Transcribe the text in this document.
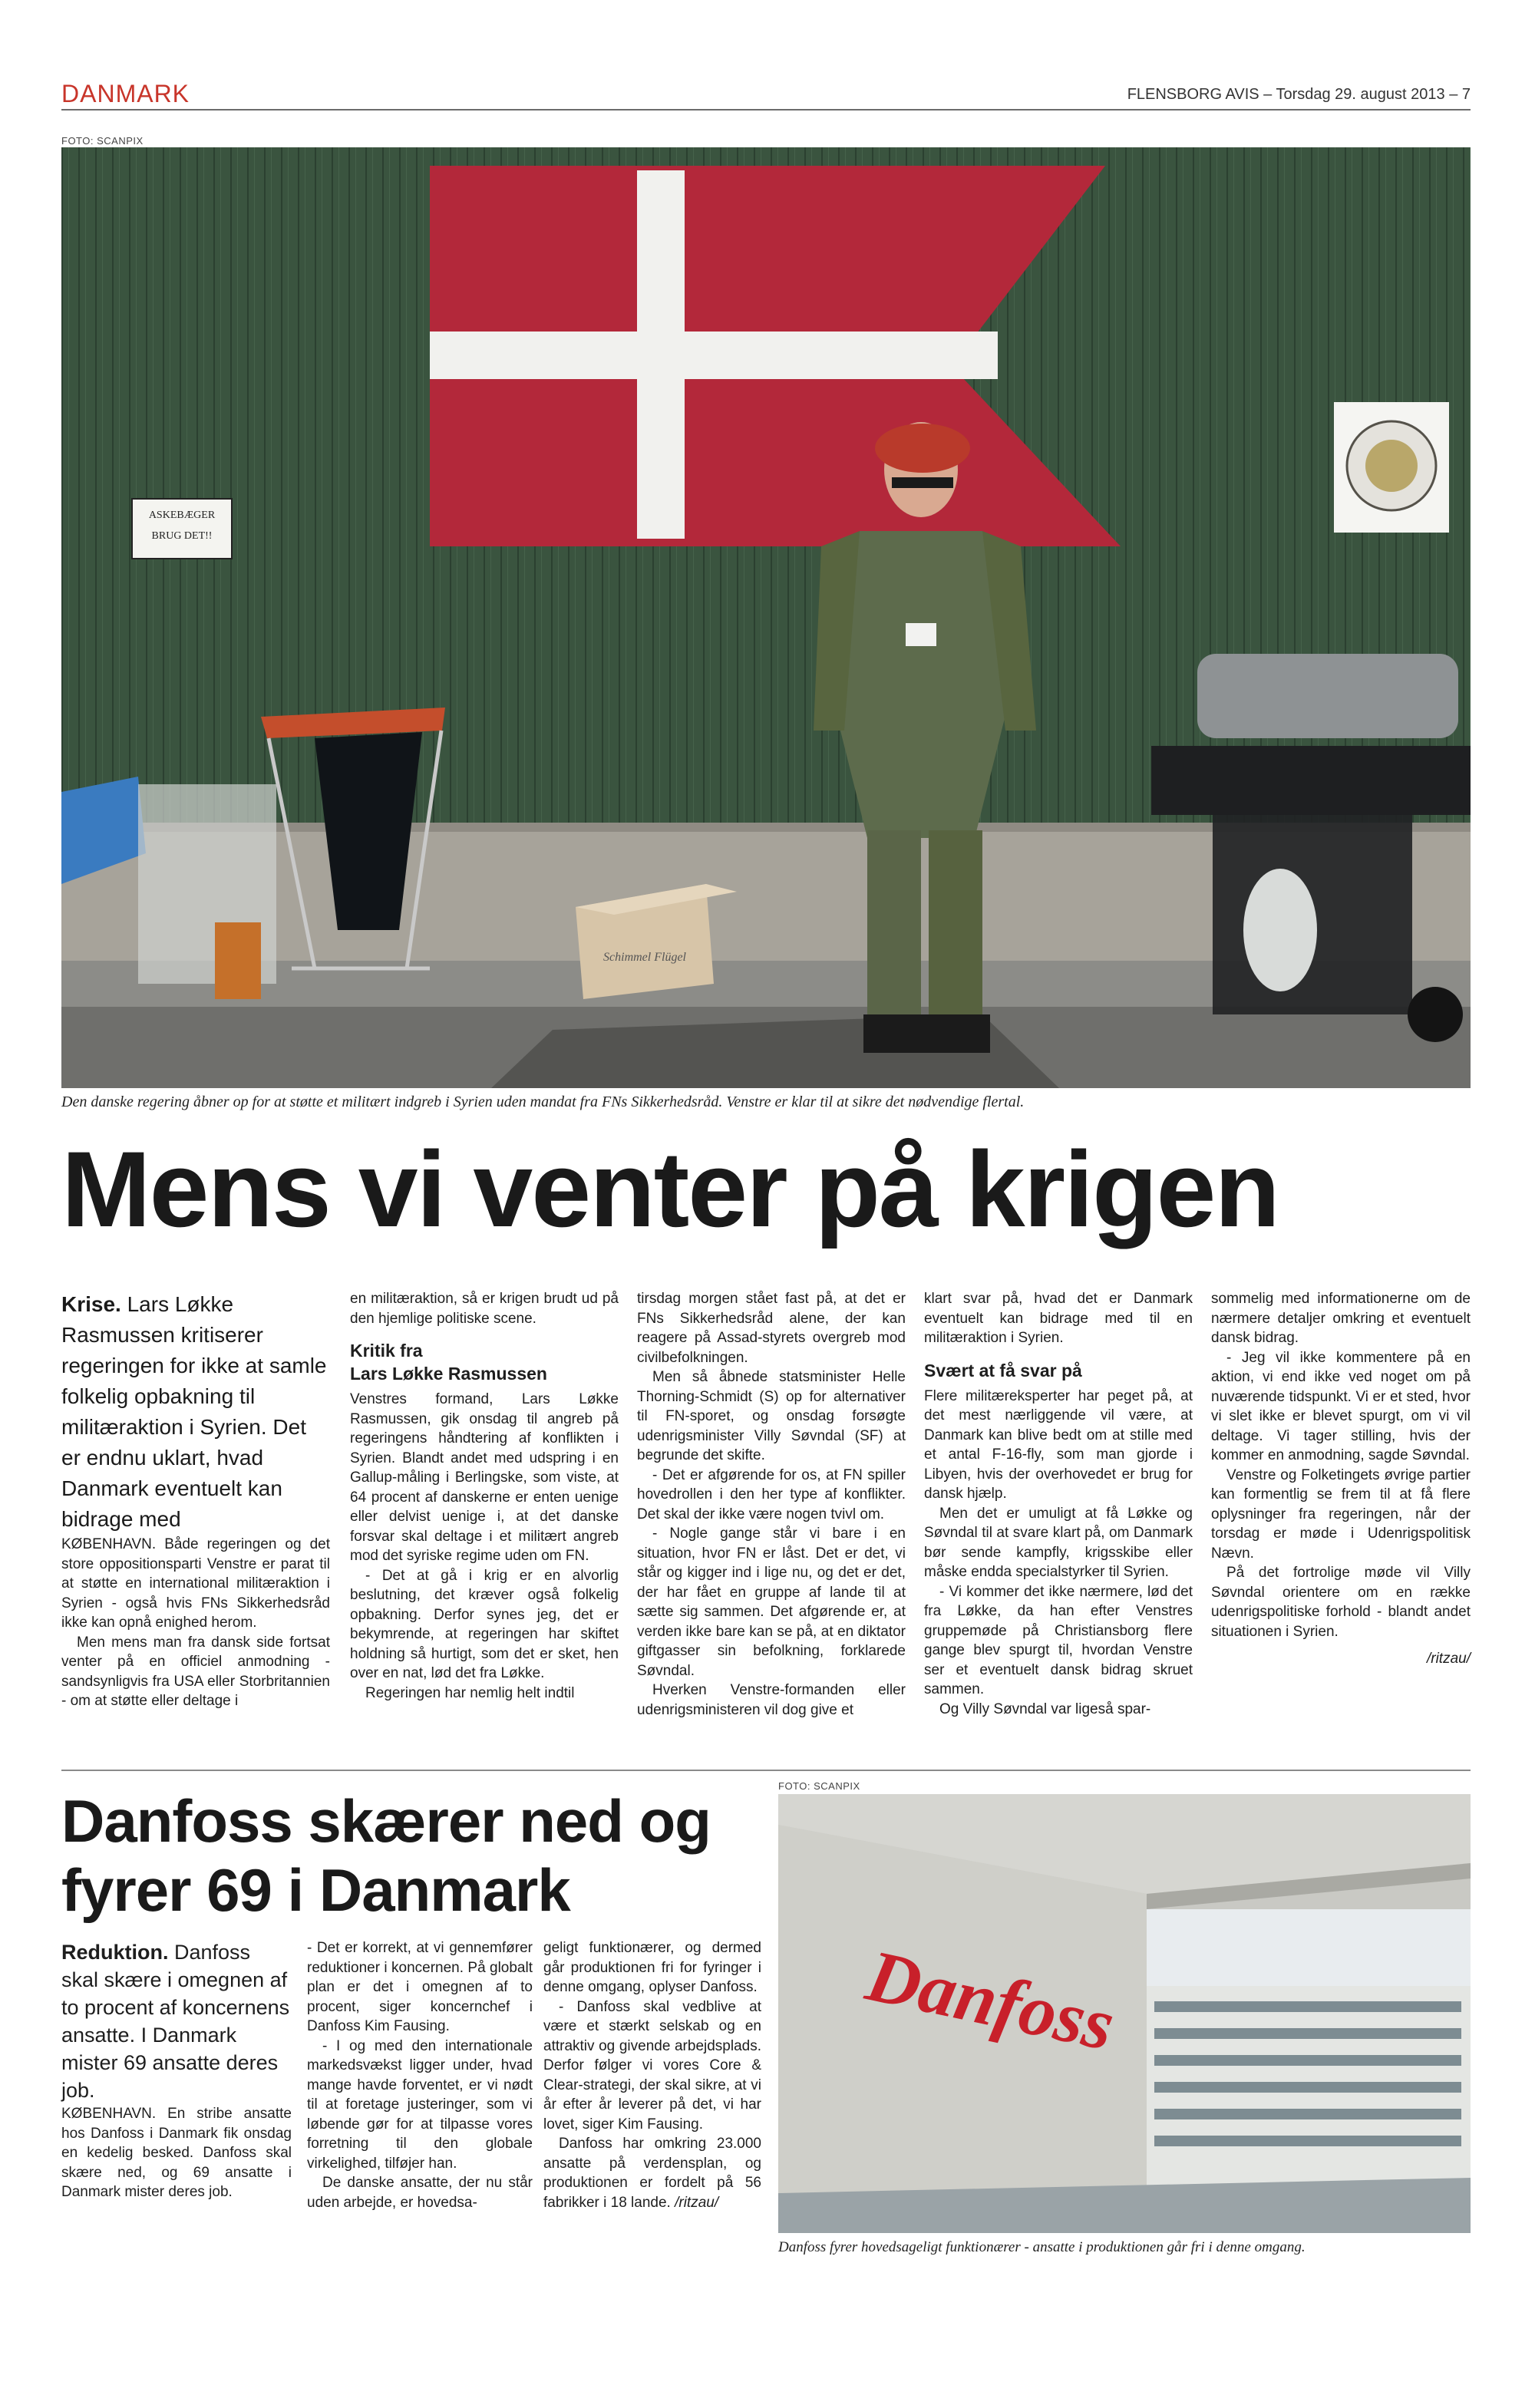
DANMARK	FLENSBORG AVIS – Torsdag 29. august 2013 – 7
FOTO: SCANPIX
ASKEBÆGER
BRUG DET!!
Schimmel Flügel
Den danske regering åbner op for at støtte et militært indgreb i Syrien uden mandat fra FNs Sikkerhedsråd. Venstre er klar til at sikre det nødvendige flertal.
Mens vi venter på krigen

Krise. Lars Løkke Rasmussen kritiserer regeringen for ikke at samle folkelig opbakning til militæraktion i Syrien. Det er endnu uklart, hvad Danmark eventuelt kan bidrage med

KØBENHAVN. Både regeringen og det store oppositionsparti Venstre er parat til at støtte en international militæraktion i Syrien - også hvis FNs Sikkerhedsråd ikke kan opnå enighed herom.

Men mens man fra dansk side fortsat venter på en officiel anmodning - sandsynligvis fra USA eller Storbritannien - om at støtte eller deltage i

en militæraktion, så er krigen brudt ud på den hjemlige politiske scene.

Kritik fra
Lars Løkke Rasmussen

Venstres formand, Lars Løkke Rasmussen, gik onsdag til angreb på regeringens håndtering af konflikten i Syrien. Blandt andet med udspring i en Gallup-måling i Berlingske, som viste, at 64 procent af danskerne er enten uenige eller delvist uenige i, at det danske forsvar skal deltage i et militært angreb mod det syriske regime uden om FN.

- Det at gå i krig er en alvorlig beslutning, det kræver også folkelig opbakning. Derfor synes jeg, det er bekymrende, at regeringen har skiftet holdning så hurtigt, som det er sket, hen over en nat, lød det fra Løkke.

Regeringen har nemlig helt indtil

tirsdag morgen stået fast på, at det er FNs Sikkerhedsråd alene, der kan reagere på Assad-styrets overgreb mod civilbefolkningen.

Men så åbnede statsminister Helle Thorning-Schmidt (S) op for alternativer til FN-sporet, og onsdag forsøgte udenrigsminister Villy Søvndal (SF) at begrunde det skifte.

- Det er afgørende for os, at FN spiller hovedrollen i den her type af konflikter. Det skal der ikke være nogen tvivl om.

- Nogle gange står vi bare i en situation, hvor FN er låst. Det er det, vi står og kigger ind i lige nu, og det er det, der har fået en gruppe af lande til at sætte sig sammen. Det afgørende er, at verden ikke bare kan se på, at en diktator giftgasser sin befolkning, forklarede Søvndal.

Hverken Venstre-formanden eller udenrigsministeren vil dog give et

klart svar på, hvad det er Danmark eventuelt kan bidrage med til en militæraktion i Syrien.

Svært at få svar på

Flere militæreksperter har peget på, at det mest nærliggende vil være, at Danmark kan blive bedt om at stille med et antal F-16-fly, som man gjorde i Libyen, hvis der overhovedet er brug for dansk hjælp.

Men det er umuligt at få Løkke og Søvndal til at svare klart på, om Danmark bør sende kampfly, krigsskibe eller måske endda specialstyrker til Syrien.

- Vi kommer det ikke nærmere, lød det fra Løkke, da han efter Venstres gruppemøde på Christiansborg flere gange blev spurgt til, hvordan Venstre ser et eventuelt dansk bidrag skruet sammen.

Og Villy Søvndal var ligeså spar-

sommelig med informationerne om de nærmere detaljer omkring et eventuelt dansk bidrag.

- Jeg vil ikke kommentere på en aktion, vi end ikke ved noget om på nuværende tidspunkt. Vi er et sted, hvor vi slet ikke er blevet spurgt, om vi vil deltage. Vi tager stilling, hvis der kommer en anmodning, sagde Søvndal.

Venstre og Folketingets øvrige partier kan formentlig se frem til at få flere oplysninger fra regeringen, når der torsdag er møde i Udenrigspolitisk Nævn.

På det fortrolige møde vil Villy Søvndal orientere om en række udenrigspolitiske forhold - blandt andet situationen i Syrien.

/ritzau/

Danfoss skærer ned og
fyrer 69 i Danmark

Reduktion. Danfoss skal skære i omegnen af to procent af koncernens ansatte. I Danmark mister 69 ansatte deres job.

KØBENHAVN. En stribe ansatte hos Danfoss i Danmark fik onsdag en kedelig besked. Danfoss skal skære ned, og 69 ansatte i Danmark mister deres job.

- Det er korrekt, at vi gennemfører reduktioner i koncernen. På globalt plan er det i omegnen af to procent, siger koncernchef i Danfoss Kim Fausing.

- I og med den internationale markedsvækst ligger under, hvad mange havde forventet, er vi nødt til at foretage justeringer, som vi løbende gør for at tilpasse vores forretning til den globale virkelighed, tilføjer han.

De danske ansatte, der nu står uden arbejde, er hovedsa-

geligt funktionærer, og dermed går produktionen fri for fyringer i denne omgang, oplyser Danfoss.

- Danfoss skal vedblive at være et stærkt selskab og en attraktiv og givende arbejdsplads. Derfor følger vi vores Core & Clear-strategi, der skal sikre, at vi år efter år leverer på det, vi har lovet, siger Kim Fausing.

Danfoss har omkring 23.000 ansatte på verdensplan, og produktionen er fordelt på 56 fabrikker i 18 lande. /ritzau/

FOTO: SCANPIX
Danfoss
Danfoss fyrer hovedsageligt funktionærer - ansatte i produktionen går fri i denne omgang.
